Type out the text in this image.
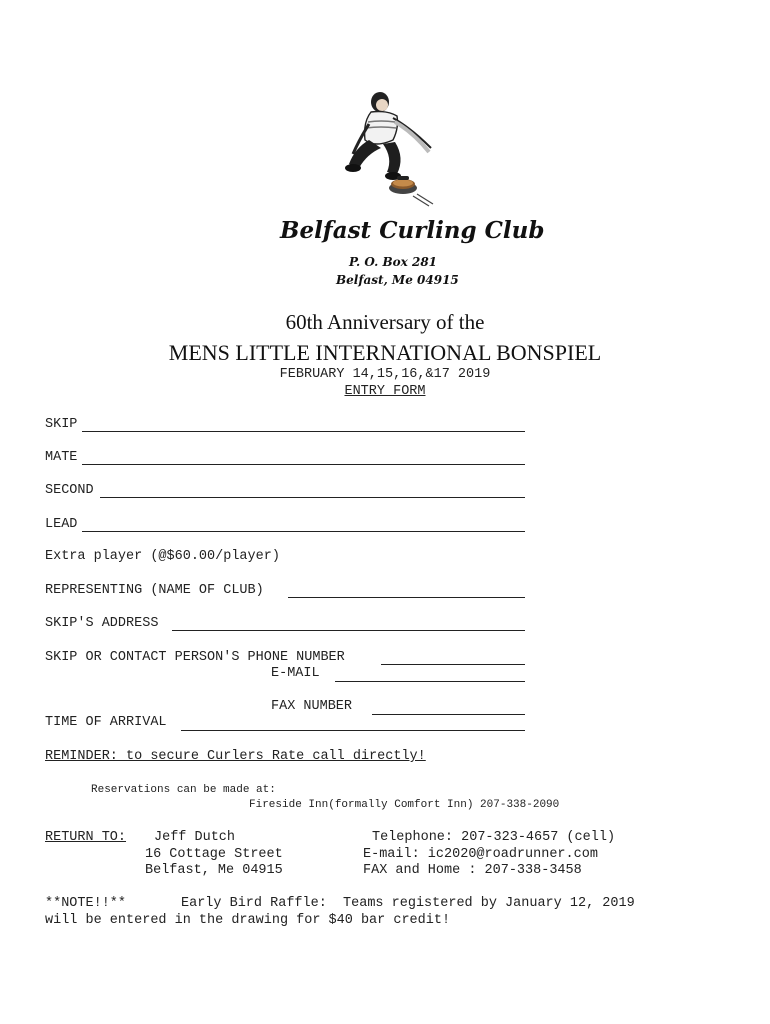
Belfast Curling Club
P. O. Box 281
Belfast, Me 04915
60th Anniversary of the
MENS LITTLE INTERNATIONAL BONSPIEL
FEBRUARY 14,15,16,&17 2019
ENTRY FORM
SKIP
MATE
SECOND
LEAD
Extra player (@$60.00/player)
REPRESENTING (NAME OF CLUB)
SKIP'S ADDRESS
SKIP OR CONTACT PERSON'S PHONE NUMBER
E-MAIL
FAX NUMBER
TIME OF ARRIVAL
REMINDER: to secure Curlers Rate call directly!
Reservations can be made at:
Fireside Inn(formally Comfort Inn) 207-338-2090
RETURN TO: Jeff Dutch
16 Cottage Street
Belfast, Me 04915
Telephone: 207-323-4657 (cell)
E-mail: ic2020@roadrunner.com
FAX and Home : 207-338-3458
**NOTE!!**	Early Bird Raffle:  Teams registered by January 12, 2019
will be entered in the drawing for $40 bar credit!
